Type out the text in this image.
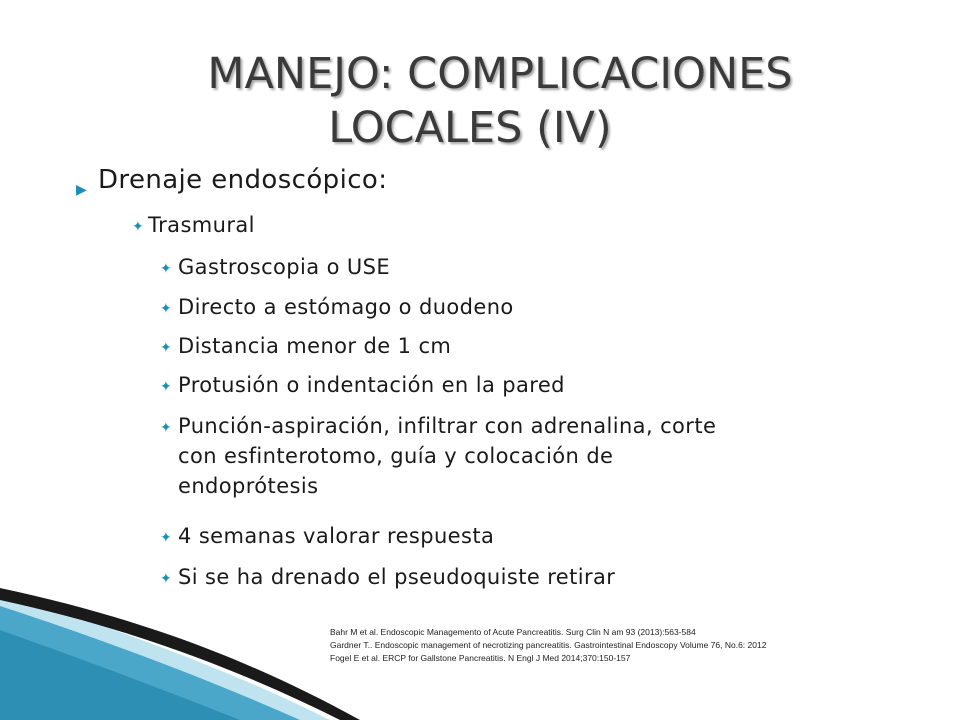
MANEJO: COMPLICACIONES
LOCALES (IV)
▶ Drenaje endoscópico:
✦ Trasmural
✦ Gastroscopia o USE
✦ Directo a estómago o duodeno
✦ Distancia menor de 1 cm
✦ Protusión o indentación en la pared
✦ Punción-aspiración, infiltrar con adrenalina, corte
con esfinterotomo, guía y colocación de
endoprótesis
✦ 4 semanas valorar respuesta
✦ Si se ha drenado el pseudoquiste retirar
Bahr M et al. Endoscopic Managemento of Acute Pancreatitis. Surg Clin N am 93 (2013):563-584
Gardner T.. Endoscopic management of necrotizing pancreatitis. Gastrointestinal Endoscopy Volume 76, No.6: 2012
Fogel E et al. ERCP for Gallstone Pancreatitis. N Engl J Med 2014;370:150-157
